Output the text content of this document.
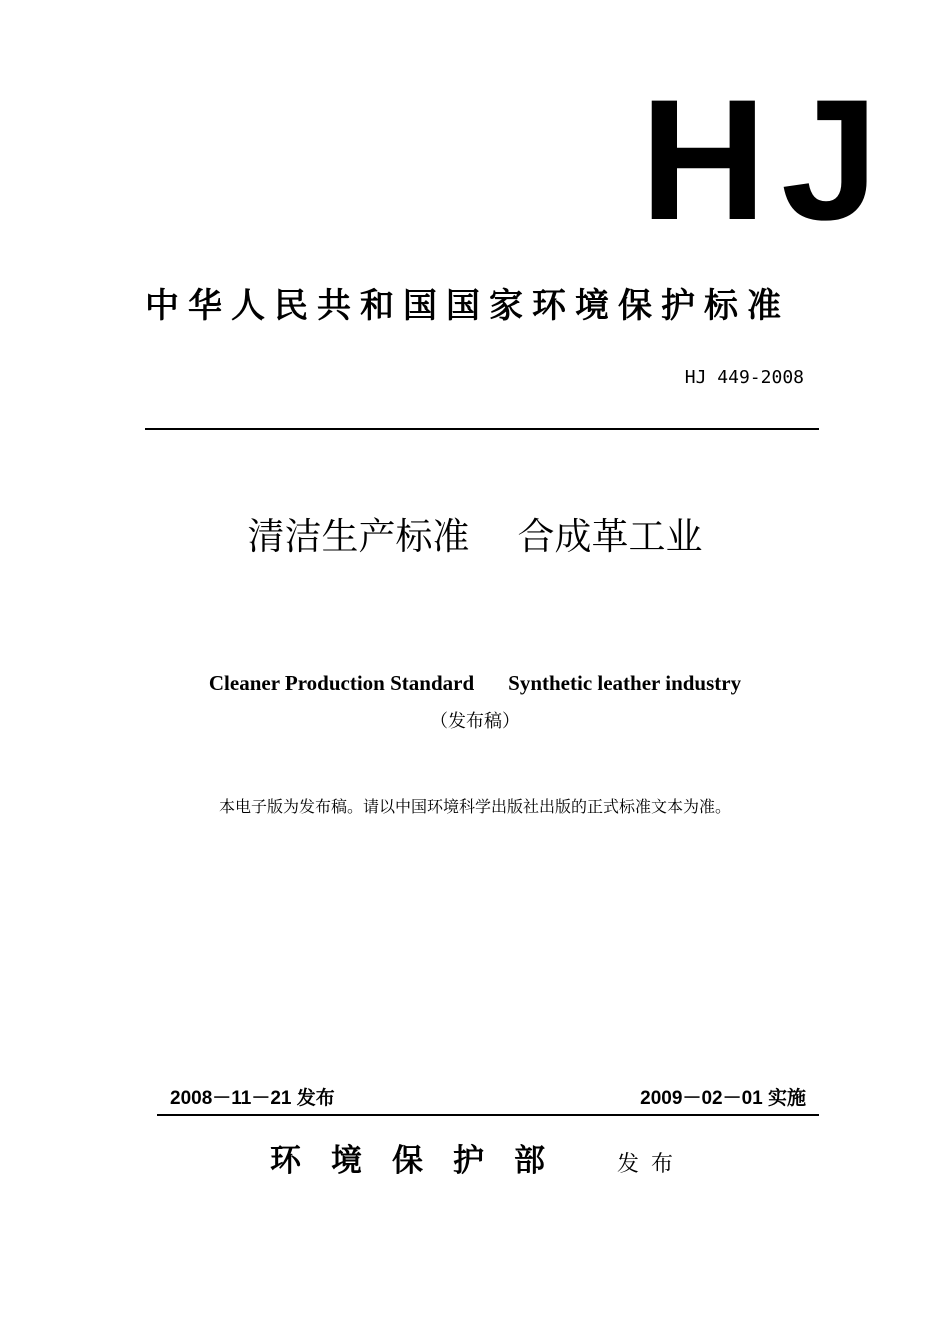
HJ
中华人民共和国国家环境保护标准
HJ 449-2008
清洁生产标准 合成革工业
Cleaner Production Standard Synthetic leather industry
（发布稿）
本电子版为发布稿。请以中国环境科学出版社出版的正式标准文本为准。
2008－11－21 发布	2009－02－01 实施
环境保护部 发布
